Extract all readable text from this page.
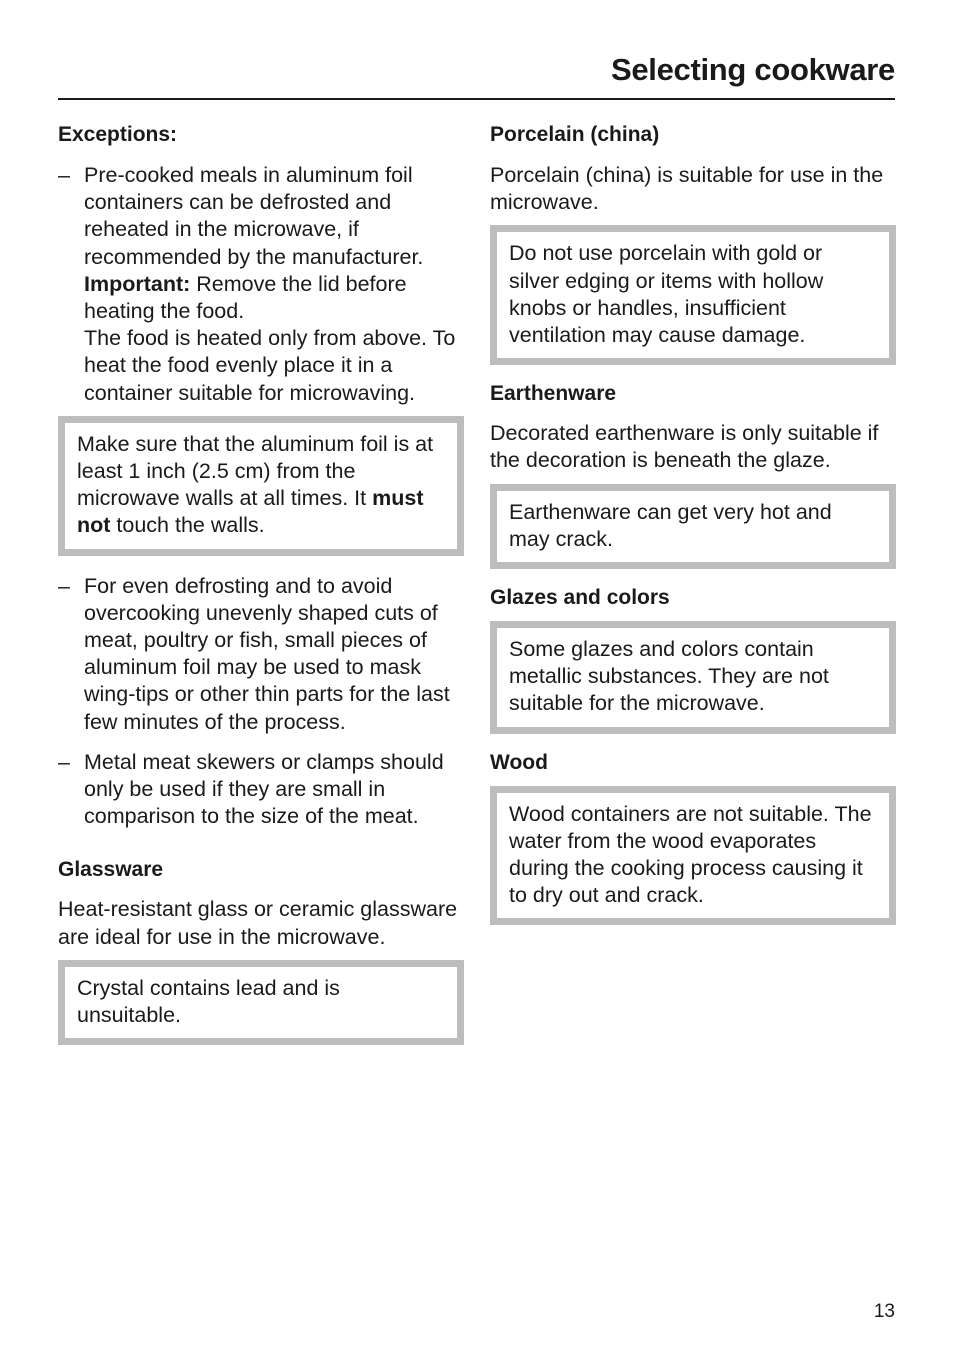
Selecting cookware

Exceptions:

– Pre-cooked meals in aluminum foil containers can be defrosted and reheated in the microwave, if recommended by the manufacturer. Important: Remove the lid before heating the food.

The food is heated only from above. To heat the food evenly place it in a container suitable for microwaving.

Make sure that the aluminum foil is at least 1 inch (2.5 cm) from the microwave walls at all times. It must not touch the walls.

– For even defrosting and to avoid overcooking unevenly shaped cuts of meat, poultry or fish, small pieces of aluminum foil may be used to mask wing-tips or other thin parts for the last few minutes of the process.

– Metal meat skewers or clamps should only be used if they are small in comparison to the size of the meat.

Glassware

Heat-resistant glass or ceramic glassware are ideal for use in the microwave.

Crystal contains lead and is unsuitable.

Porcelain (china)

Porcelain (china) is suitable for use in the microwave.

Do not use porcelain with gold or silver edging or items with hollow knobs or handles, insufficient ventilation may cause damage.

Earthenware

Decorated earthenware is only suitable if the decoration is beneath the glaze.

Earthenware can get very hot and may crack.

Glazes and colors

Some glazes and colors contain metallic substances. They are not suitable for the microwave.

Wood

Wood containers are not suitable. The water from the wood evaporates during the cooking process causing it to dry out and crack.

13
